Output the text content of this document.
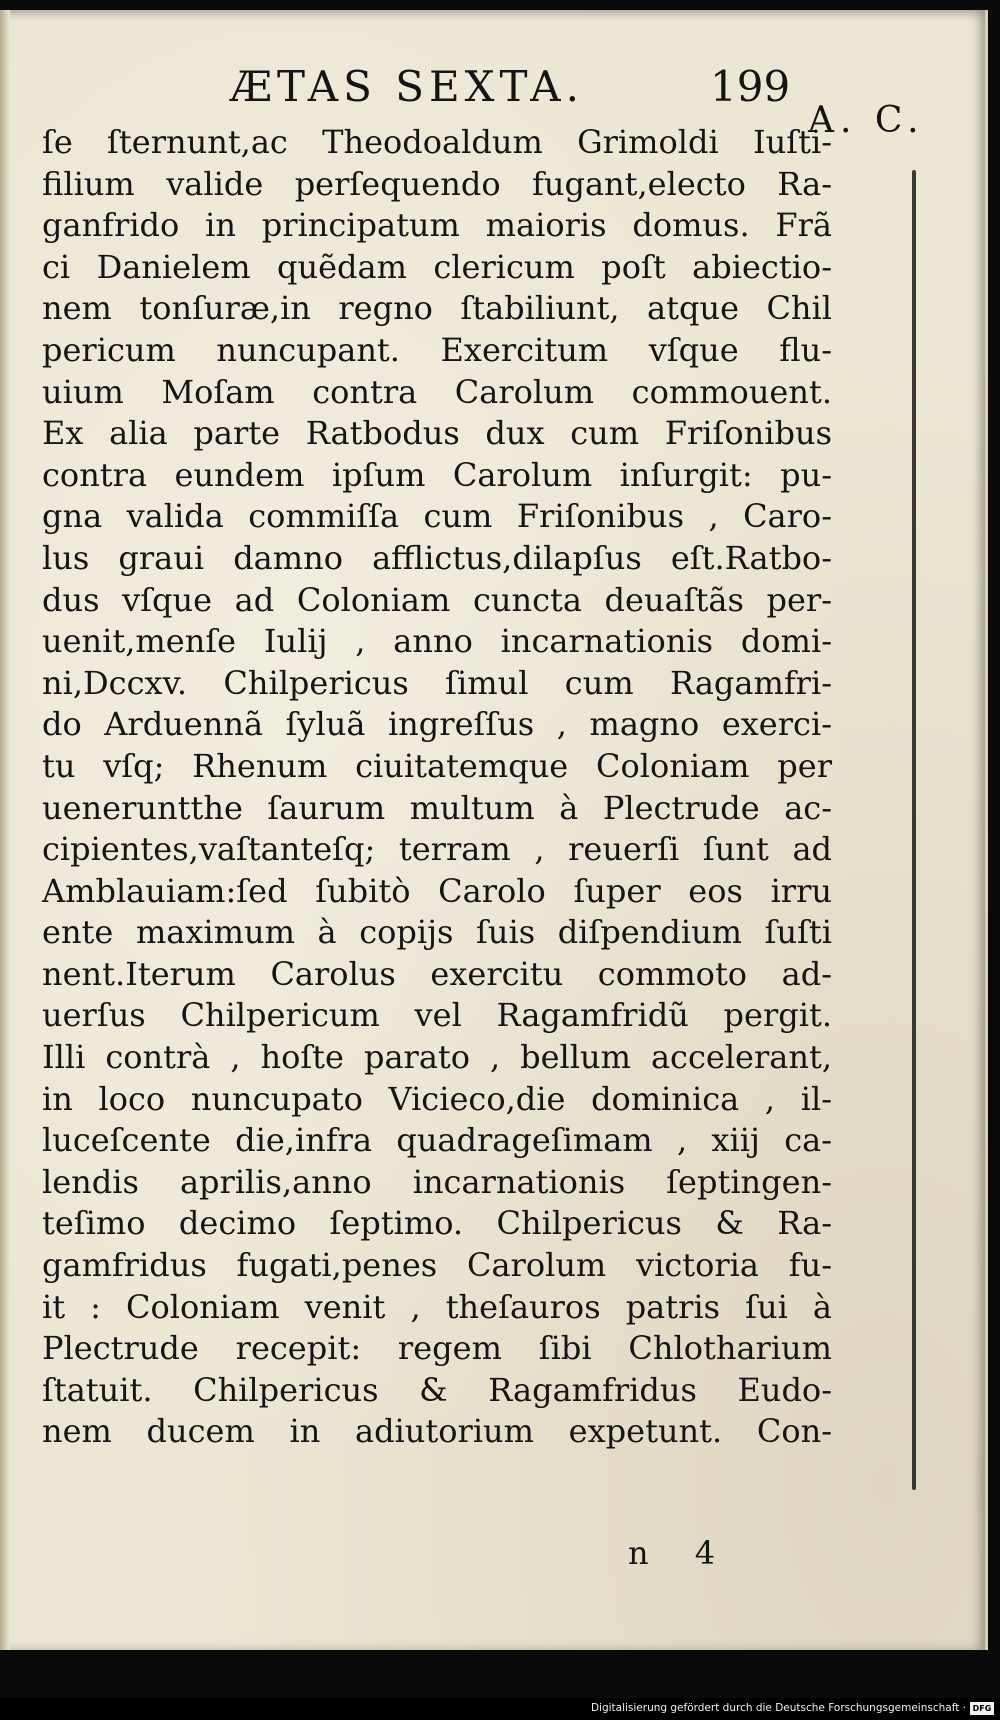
ÆTAS SEXTA.	199
A. C.
ſe ſternunt,ac Theodoaldum Grimoldi Iuſti-
filium valide perſequendo fugant,electo Ra-
ganfrido in principatum maioris domus. Frã
ci Danielem quẽdam clericum poſt abiectio-
nem tonſuræ,in regno ſtabiliunt, atque Chil
pericum nuncupant. Exercitum vſque flu-
uium Moſam contra Carolum commouent.
Ex alia parte Ratbodus dux cum Friſonibus
contra eundem ipſum Carolum inſurgit: pu-
gna valida commiſſa cum Friſonibus , Caro-
lus graui damno afflictus,dilapſus eſt.Ratbo-
dus vſque ad Coloniam cuncta deuaſtãs per-
uenit,menſe Iulij , anno incarnationis domi-
ni,Dccxv. Chilpericus ſimul cum Ragamfri-
do Arduennã ſyluã ingreſſus , magno exerci-
tu vſq; Rhenum ciuitatemque Coloniam per
ueneruntthe ſaurum multum à Plectrude ac-
cipientes,vaſtanteſq; terram , reuerſi ſunt ad
Amblauiam:ſed ſubitò Carolo ſuper eos irru
ente maximum à copijs ſuis diſpendium ſuſti
nent.Iterum Carolus exercitu commoto ad-
uerſus Chilpericum vel Ragamfridũ pergit.
Illi contrà , hoſte parato , bellum accelerant,
in loco nuncupato Vicieco,die dominica , il-
luceſcente die,infra quadrageſimam , xiij ca-
lendis aprilis,anno incarnationis ſeptingen-
teſimo decimo ſeptimo. Chilpericus & Ra-
gamfridus fugati,penes Carolum victoria fu-
it : Coloniam venit , theſauros patris ſui à
Plectrude recepit: regem ſibi Chlotharium
ſtatuit. Chilpericus & Ragamfridus Eudo-
nem ducem in adiutorium expetunt. Con-
n 4

Digitalisierung gefördert durch die Deutsche Forschungsgemeinschaft · DFG
